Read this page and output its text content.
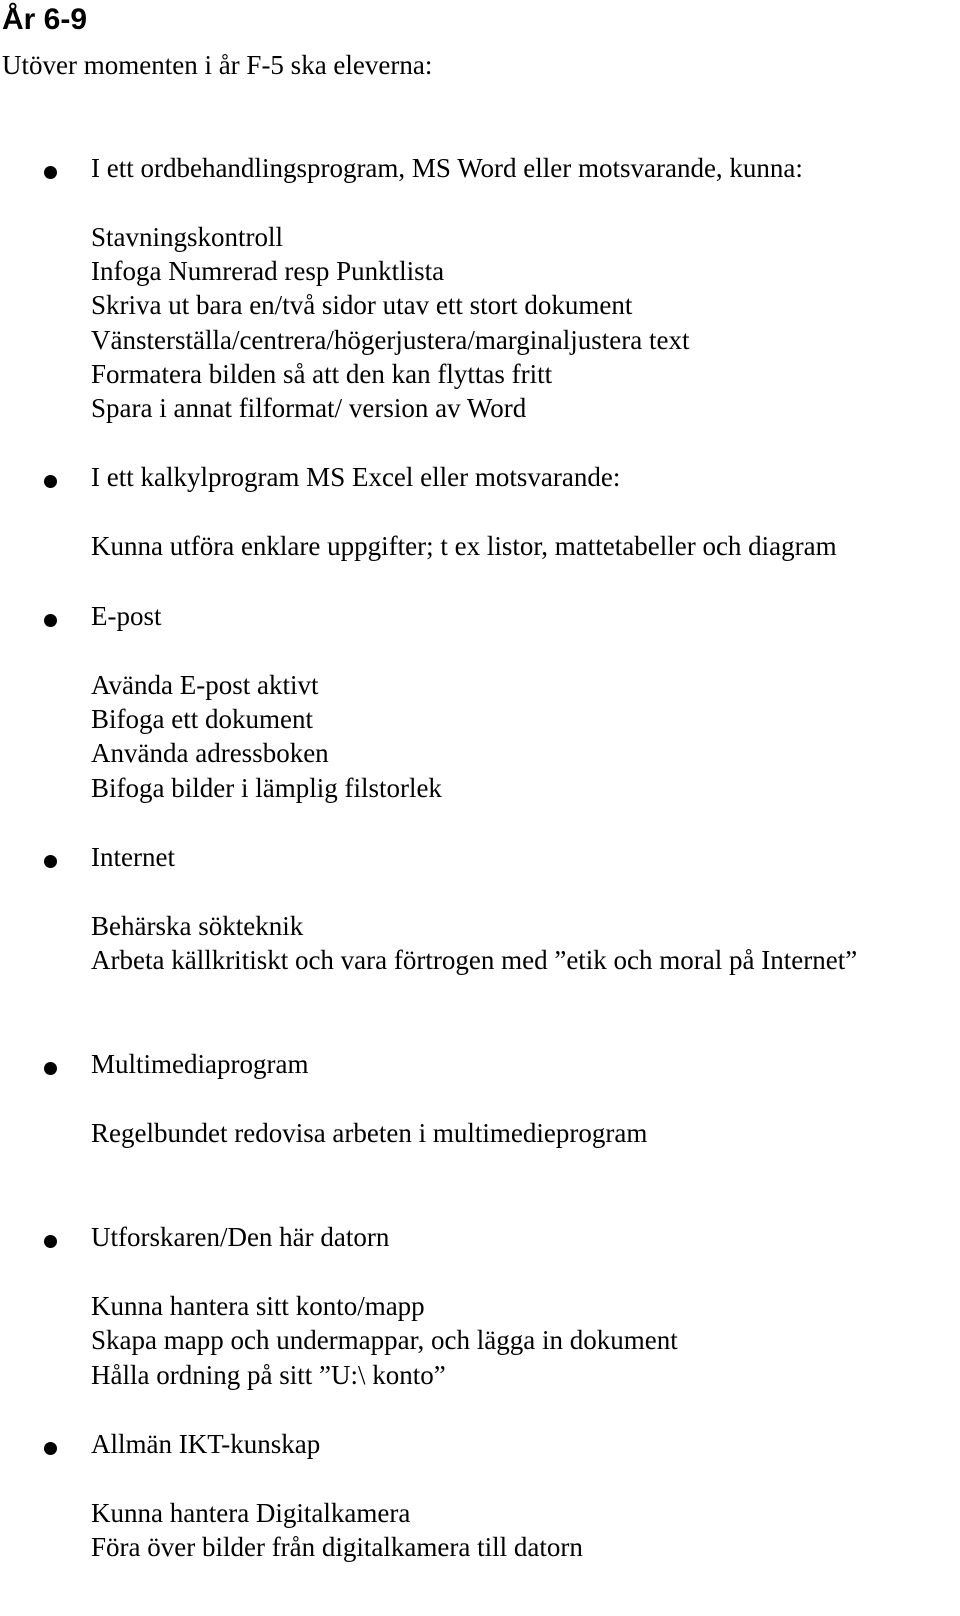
År 6-9
Utöver momenten i år F-5 ska eleverna:
I ett ordbehandlingsprogram, MS Word eller motsvarande, kunna:
Stavningskontroll
Infoga Numrerad resp Punktlista
Skriva ut bara en/två sidor utav ett stort dokument
Vänsterställa/centrera/högerjustera/marginaljustera text
Formatera bilden så att den kan flyttas fritt
Spara i annat filformat/ version av Word
I ett kalkylprogram MS Excel eller motsvarande:
Kunna utföra enklare uppgifter; t ex listor, mattetabeller och diagram
E-post
Avända E-post aktivt
Bifoga ett dokument
Använda adressboken
Bifoga bilder i lämplig filstorlek
Internet
Behärska sökteknik
Arbeta källkritiskt och vara förtrogen med ”etik och moral på Internet”
Multimediaprogram
Regelbundet redovisa arbeten i multimedieprogram
Utforskaren/Den här datorn
Kunna hantera sitt konto/mapp
Skapa mapp och undermappar, och lägga in dokument
Hålla ordning på sitt ”U:\ konto”
Allmän IKT-kunskap
Kunna hantera Digitalkamera
Föra över bilder från digitalkamera till datorn
